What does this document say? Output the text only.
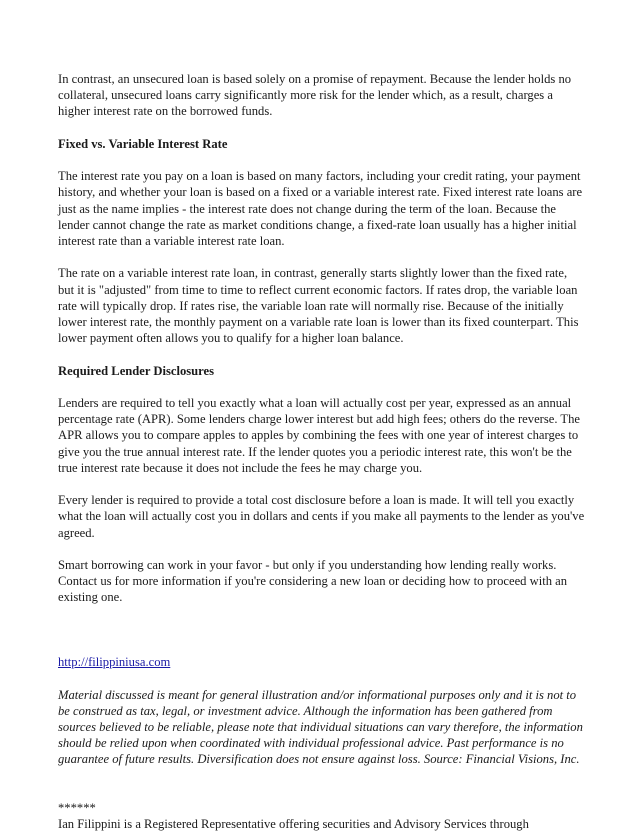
In contrast, an unsecured loan is based solely on a promise of repayment. Because the lender holds no collateral, unsecured loans carry significantly more risk for the lender which, as a result, charges a higher interest rate on the borrowed funds.

Fixed vs. Variable Interest Rate

The interest rate you pay on a loan is based on many factors, including your credit rating, your payment history, and whether your loan is based on a fixed or a variable interest rate. Fixed interest rate loans are just as the name implies - the interest rate does not change during the term of the loan. Because the lender cannot change the rate as market conditions change, a fixed-rate loan usually has a higher initial interest rate than a variable interest rate loan.

The rate on a variable interest rate loan, in contrast, generally starts slightly lower than the fixed rate, but it is "adjusted" from time to time to reflect current economic factors. If rates drop, the variable loan rate will typically drop. If rates rise, the variable loan rate will normally rise. Because of the initially lower interest rate, the monthly payment on a variable rate loan is lower than its fixed counterpart. This lower payment often allows you to qualify for a higher loan balance.

Required Lender Disclosures

Lenders are required to tell you exactly what a loan will actually cost per year, expressed as an annual percentage rate (APR). Some lenders charge lower interest but add high fees; others do the reverse. The APR allows you to compare apples to apples by combining the fees with one year of interest charges to give you the true annual interest rate. If the lender quotes you a periodic interest rate, this won't be the true interest rate because it does not include the fees he may charge you.

Every lender is required to provide a total cost disclosure before a loan is made. It will tell you exactly what the loan will actually cost you in dollars and cents if you make all payments to the lender as you've agreed.

Smart borrowing can work in your favor - but only if you understanding how lending really works. Contact us for more information if you're considering a new loan or deciding how to proceed with an existing one.

http://filippiniusa.com

Material discussed is meant for general illustration and/or informational purposes only and it is not to be construed as tax, legal, or investment advice. Although the information has been gathered from sources believed to be reliable, please note that individual situations can vary therefore, the information should be relied upon when coordinated with individual professional advice. Past performance is no guarantee of future results. Diversification does not ensure against loss. Source: Financial Visions, Inc.

******

Ian Filippini is a Registered Representative offering securities and Advisory Services through
